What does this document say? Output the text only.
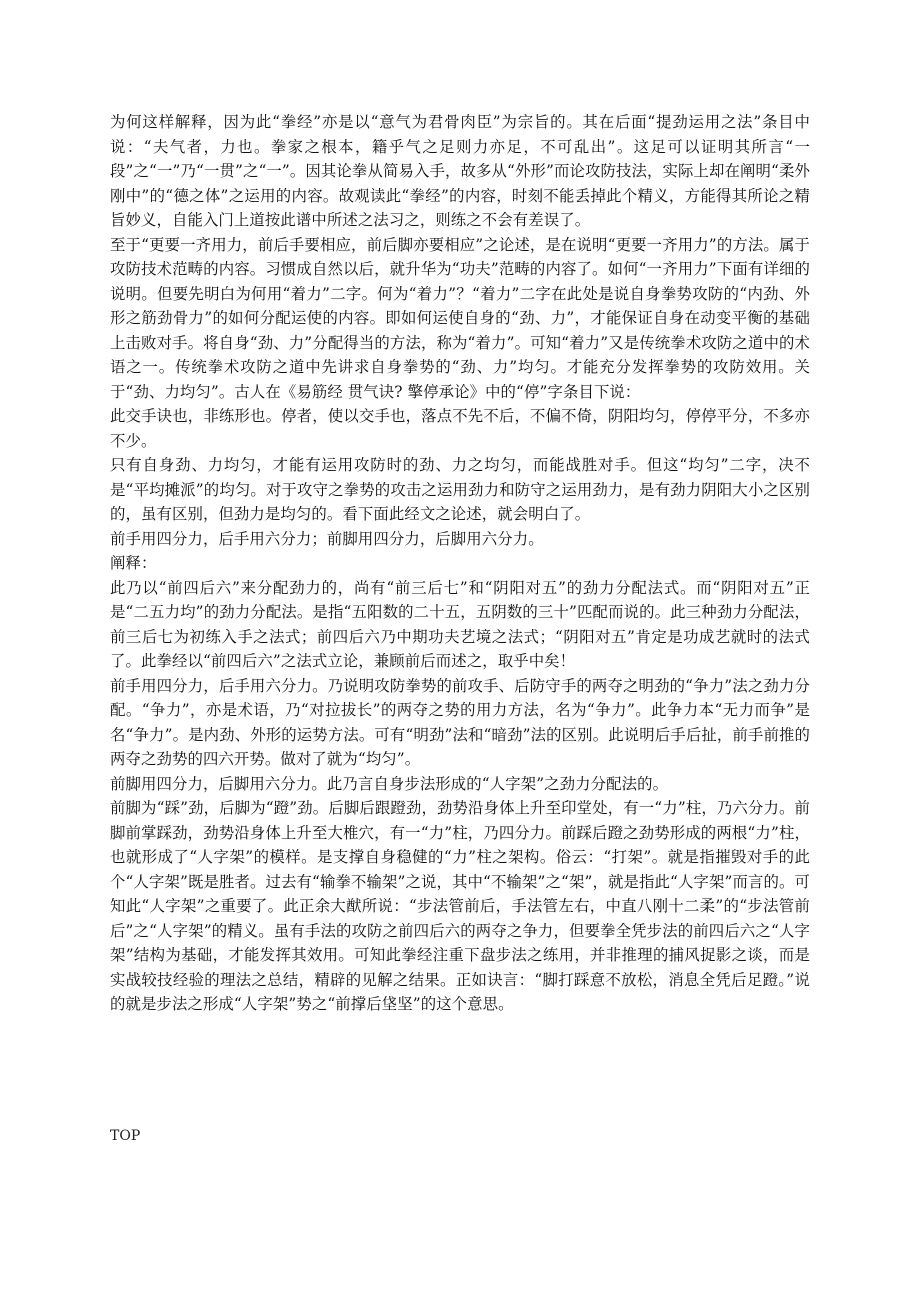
为何这样解释，因为此“拳经”亦是以“意气为君骨肉臣”为宗旨的。其在后面“提劲运用之法”条目中说：“夫气者，力也。拳家之根本，籍乎气之足则力亦足，不可乱出”。这足可以证明其所言“一段”之“一”乃“一贯”之“一”。因其论拳从简易入手，故多从“外形”而论攻防技法，实际上却在阐明“柔外刚中”的“德之体”之运用的内容。故观读此“拳经”的内容，时刻不能丢掉此个精义，方能得其所论之精旨妙义，自能入门上道按此谱中所述之法习之，则练之不会有差误了。

至于“更要一齐用力，前后手要相应，前后脚亦要相应”之论述，是在说明“更要一齐用力”的方法。属于攻防技术范畴的内容。习惯成自然以后，就升华为“功夫”范畴的内容了。如何“一齐用力”下面有详细的说明。但要先明白为何用“着力”二字。何为“着力”？“着力”二字在此处是说自身拳势攻防的“内劲、外形之筋劲骨力”的如何分配运使的内容。即如何运使自身的“劲、力”，才能保证自身在动变平衡的基础上击败对手。将自身“劲、力”分配得当的方法，称为“着力”。可知“着力”又是传统拳术攻防之道中的术语之一。传统拳术攻防之道中先讲求自身拳势的“劲、力”均匀。才能充分发挥拳势的攻防效用。关于“劲、力均匀”。古人在《易筋经 贯气诀? 擎停承论》中的“停”字条目下说：

此交手诀也，非练形也。停者，使以交手也，落点不先不后，不偏不倚，阴阳均匀，停停平分，不多亦不少。

只有自身劲、力均匀，才能有运用攻防时的劲、力之均匀，而能战胜对手。但这“均匀”二字，决不是“平均摊派”的均匀。对于攻守之拳势的攻击之运用劲力和防守之运用劲力，是有劲力阴阳大小之区别的，虽有区别，但劲力是均匀的。看下面此经文之论述，就会明白了。

前手用四分力，后手用六分力；前脚用四分力，后脚用六分力。

阐释：

此乃以“前四后六”来分配劲力的，尚有“前三后七”和“阴阳对五”的劲力分配法式。而“阴阳对五”正是“二五力均”的劲力分配法。是指“五阳数的二十五，五阴数的三十”匹配而说的。此三种劲力分配法，前三后七为初练入手之法式；前四后六乃中期功夫艺境之法式；“阴阳对五”肯定是功成艺就时的法式了。此拳经以“前四后六”之法式立论，兼顾前后而述之，取乎中矣！

前手用四分力，后手用六分力。乃说明攻防拳势的前攻手、后防守手的两夺之明劲的“争力”法之劲力分配。“争力”，亦是术语，乃“对拉拔长”的两夺之势的用力方法，名为“争力”。此争力本“无力而争”是名“争力”。是内劲、外形的运势方法。可有“明劲”法和“暗劲”法的区别。此说明后手后扯，前手前推的两夺之劲势的四六开势。做对了就为“均匀”。

前脚用四分力，后脚用六分力。此乃言自身步法形成的“人字架”之劲力分配法的。

前脚为“踩”劲，后脚为“蹬”劲。后脚后跟蹬劲，劲势沿身体上升至印堂处，有一“力”柱，乃六分力。前脚前掌踩劲，劲势沿身体上升至大椎穴，有一“力”柱，乃四分力。前踩后蹬之劲势形成的两根“力”柱，也就形成了“人字架”的模样。是支撑自身稳健的“力”柱之架构。俗云：“打架”。就是指摧毁对手的此个“人字架”既是胜者。过去有“输拳不输架”之说，其中“不输架”之“架”，就是指此“人字架”而言的。可知此“人字架”之重要了。此正余大猷所说：“步法管前后，手法管左右，中直八刚十二柔”的“步法管前后”之“人字架”的精义。虽有手法的攻防之前四后六的两夺之争力，但要拳全凭步法的前四后六之“人字架”结构为基础，才能发挥其效用。可知此拳经注重下盘步法之练用，并非推理的捕风捉影之谈，而是实战较技经验的理法之总结，精辟的见解之结果。正如诀言：“脚打踩意不放松，消息全凭后足蹬。”说的就是步法之形成“人字架”势之“前撑后垡坚”的这个意思。

TOP
